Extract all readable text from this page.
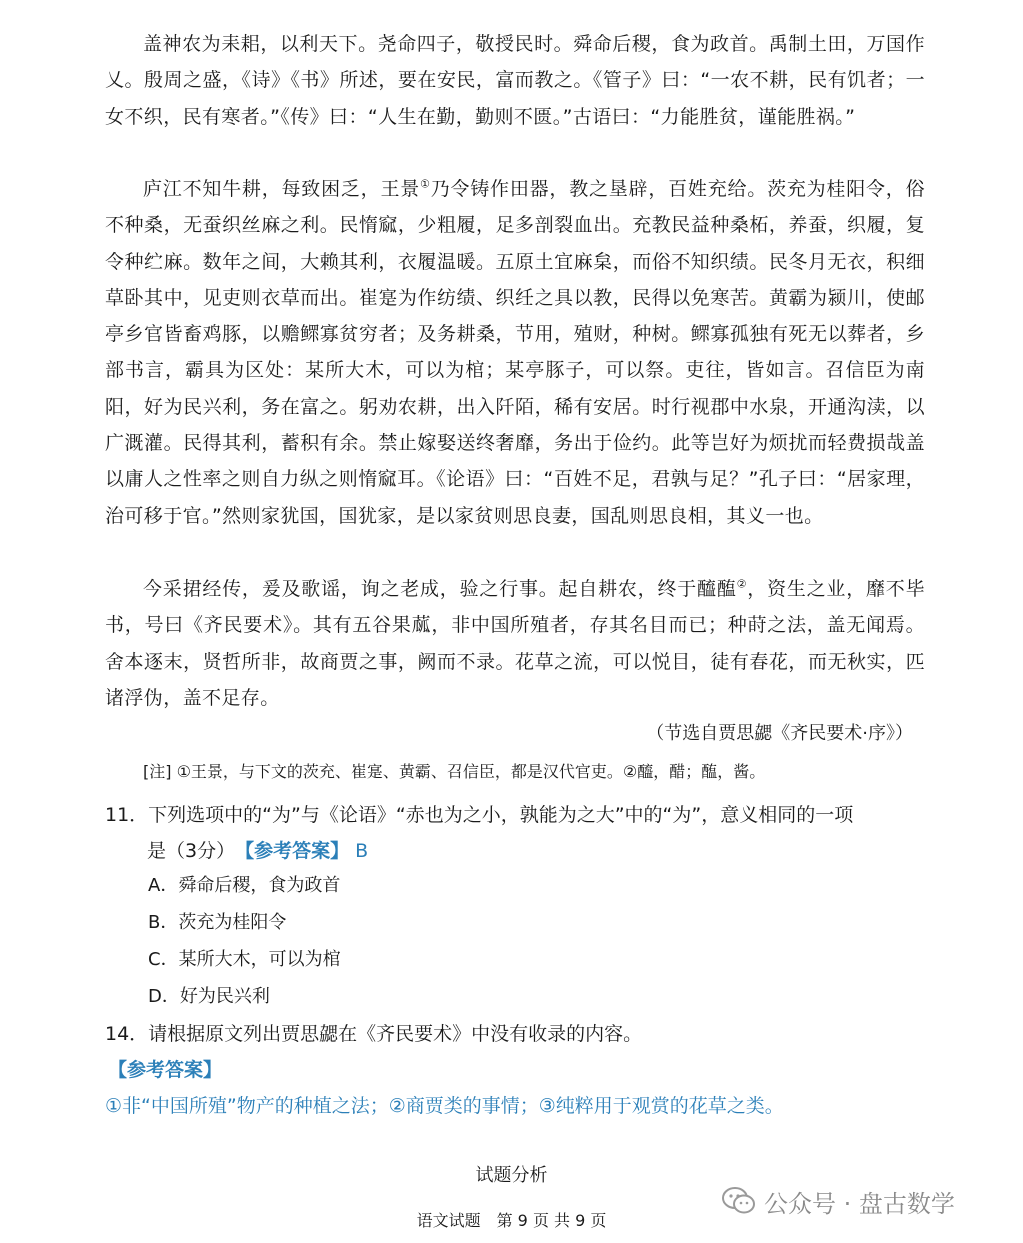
盖神农为耒耜，以利天下。尧命四子，敬授民时。舜命后稷，食为政首。禹制土田，万国作乂。殷周之盛，《诗》《书》所述，要在安民，富而教之。《管子》曰：“一农不耕，民有饥者；一女不织，民有寒者。”《传》曰：“人生在勤，勤则不匮。”古语曰：“力能胜贫，谨能胜祸。”

庐江不知牛耕，每致困乏，王景①乃令铸作田器，教之垦辟，百姓充给。茨充为桂阳令，俗不种桑，无蚕织丝麻之利。民惰窳，少粗履，足多剖裂血出。充教民益种桑柘，养蚕，织履，复令种纻麻。数年之间，大赖其利，衣履温暖。五原土宜麻枲，而俗不知织绩。民冬月无衣，积细草卧其中，见吏则衣草而出。崔寔为作纺绩、织纴之具以教，民得以免寒苦。黄霸为颍川，使邮亭乡官皆畜鸡豚，以赡鳏寡贫穷者；及务耕桑，节用，殖财，种树。鳏寡孤独有死无以葬者，乡部书言，霸具为区处：某所大木，可以为棺；某亭豚子，可以祭。吏往，皆如言。召信臣为南阳，好为民兴利，务在富之。躬劝农耕，出入阡陌，稀有安居。时行视郡中水泉，开通沟渎，以广溉灌。民得其利，蓄积有余。禁止嫁娶送终奢靡，务出于俭约。此等岂好为烦扰而轻费损哉盖以庸人之性率之则自力纵之则惰窳耳。《论语》曰：“百姓不足，君孰与足？”孔子曰：“居家理，治可移于官。”然则家犹国，国犹家，是以家贫则思良妻，国乱则思良相，其义一也。

今采捃经传，爰及歌谣，询之老成，验之行事。起自耕农，终于醯醢②，资生之业，靡不毕书，号曰《齐民要术》。其有五谷果蓏，非中国所殖者，存其名目而已；种莳之法，盖无闻焉。舍本逐末，贤哲所非，故商贾之事，阙而不录。花草之流，可以悦目，徒有春花，而无秋实，匹诸浮伪，盖不足存。

（节选自贾思勰《齐民要术·序》）

[注] ①王景，与下文的茨充、崔寔、黄霸、召信臣，都是汉代官吏。②醯，醋；醢，酱。

11．下列选项中的“为”与《论语》“赤也为之小，孰能为之大”中的“为”，意义相同的一项
是（3分）　 【参考答案】 B

A．舜命后稷，食为政首

B．茨充为桂阳令

C．某所大木，可以为棺

D．好为民兴利

14．请根据原文列出贾思勰在《齐民要术》中没有收录的内容。

【参考答案】

①非“中国所殖”物产的种植之法；②商贾类的事情；③纯粹用于观赏的花草之类。

试题分析

语文试题　第 9 页 共 9 页

公众号 · 盘古数学
